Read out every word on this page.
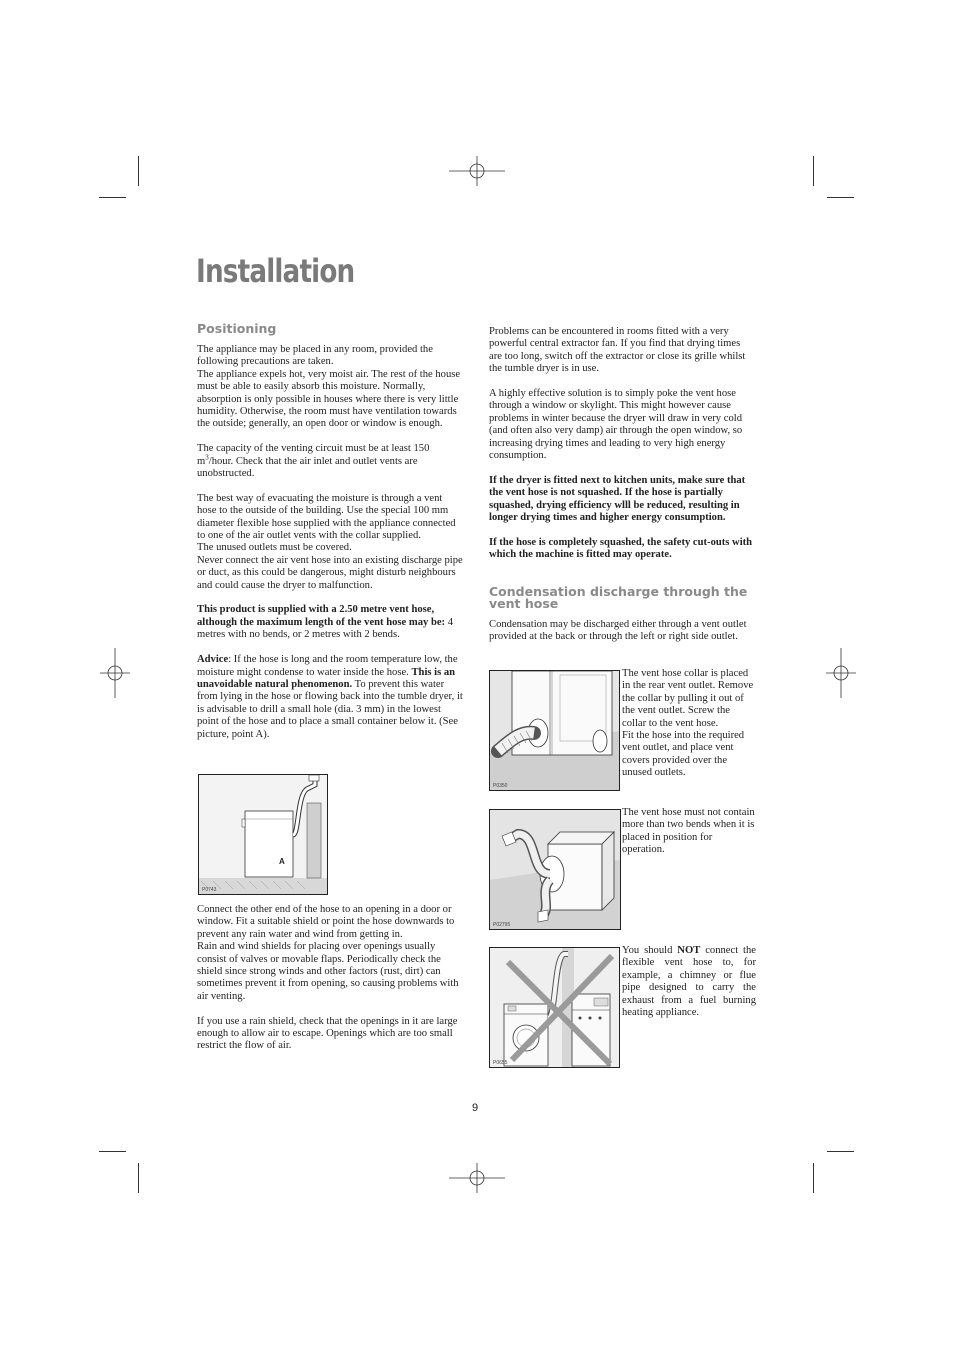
Installation
Positioning

The appliance may be placed in any room, provided the following precautions are taken.

The appliance expels hot, very moist air. The rest of the house must be able to easily absorb this moisture. Normally, absorption is only possible in houses where there is very little humidity. Otherwise, the room must have ventilation towards the outside; generally, an open door or window is enough.

The capacity of the venting circuit must be at least 150 $m^3$/hour. Check that the air inlet and outlet vents are unobstructed.

The best way of evacuating the moisture is through a vent hose to the outside of the building. Use the special 100 mm diameter flexible hose supplied with the appliance connected to one of the air outlet vents with the collar supplied.

The unused outlets must be covered.

Never connect the air vent hose into an existing discharge pipe or duct, as this could be dangerous, might disturb neighbours and could cause the dryer to malfunction.

This product is supplied with a 2.50 metre vent hose, although the maximum length of the vent hose may be: 4 metres with no bends, or 2 metres with 2 bends.

Advice: If the hose is long and the room temperature low, the moisture might condense to water inside the hose. This is an unavoidable natural phenomenon. To prevent this water from lying in the hose or flowing back into the tumble dryer, it is advisable to drill a small hole (dia. 3 mm) in the lowest point of the hose and to place a small container below it. (See picture, point A).

A
P0743

Connect the other end of the hose to an opening in a door or window. Fit a suitable shield or point the hose downwards to prevent any rain water and wind from getting in.

Rain and wind shields for placing over openings usually consist of valves or movable flaps. Periodically check the shield since strong winds and other factors (rust, dirt) can sometimes prevent it from opening, so causing problems with air venting.

If you use a rain shield, check that the openings in it are large enough to allow air to escape. Openings which are too small restrict the flow of air.

Problems can be encountered in rooms fitted with a very powerful central extractor fan. If you find that drying times are too long, switch off the extractor or close its grille whilst the tumble dryer is in use.

A highly effective solution is to simply poke the vent hose through a window or skylight. This might however cause problems in winter because the dryer will draw in very cold (and often also very damp) air through the open window, so increasing drying times and leading to very high energy consumption.

If the dryer is fitted next to kitchen units, make sure that the vent hose is not squashed. If the hose is partially squashed, drying efficiency wlll be reduced, resulting in longer drying times and higher energy consumption.

If the hose is completely squashed, the safety cut-outs with which the machine is fitted may operate.

Condensation discharge through the vent hose

Condensation may be discharged either through a vent outlet provided at the back or through the left or right side outlet.

P0350
The vent hose collar is placed in the rear vent outlet. Remove the collar by pulling it out of the vent outlet. Screw the collar to the vent hose.
Fit the hose into the required vent outlet, and place vent covers provided over the unused outlets.
P02795
The vent hose must not contain more than two bends when it is placed in position for operation.
P0655
You should NOT connect the flexible vent hose to, for example, a chimney or flue pipe designed to carry the exhaust from a fuel burning heating appliance.
9
